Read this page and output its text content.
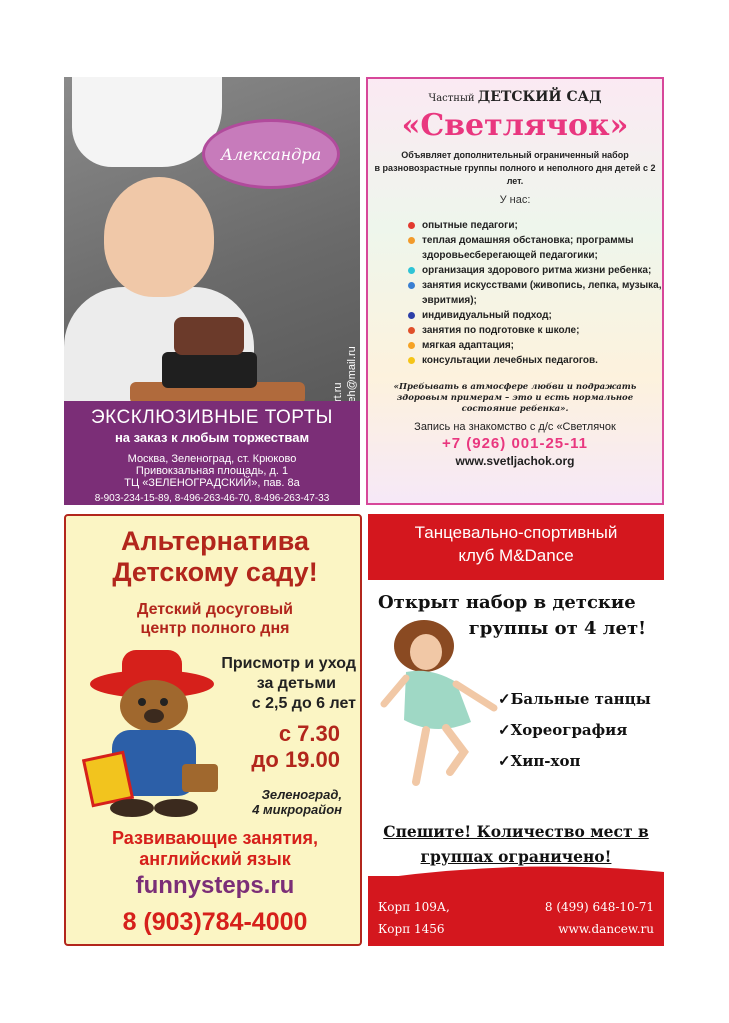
Александра
ЭКСКЛЮЗИВНЫЕ ТОРТЫ
на заказ к любым торжествам
Москва, Зеленоград, ст. Крюково
Привокзальная площадь, д. 1
ТЦ «ЗЕЛЕНОГРАДСКИЙ», пав. 8а
8-903-234-15-89, 8-496-263-46-70, 8-496-263-47-33
Частный ДЕТСКИЙ САД
«Светлячок»
Объявляет дополнительный ограниченный набор
в разновозрастные группы полного и неполного дня детей с 2 лет.
У нас:
опытные педагоги;
теплая домашняя обстановка; программы здоровьесберегающей педагогики;
организация здорового ритма жизни ребенка;
занятия искусствами (живопись, лепка, музыка, эвритмия);
индивидуальный подход;
занятия по подготовке к школе;
мягкая адаптация;
консультации лечебных педагогов.
«Пребывать в атмосфере любви и подражать здоровым примерам – это и есть нормальное состояние ребенка».
Запись на знакомство с д/с «Светлячок
+7 (926) 001-25-11
www.svetljachok.org
Альтернатива
Детскому саду!
Детский досуговый
центр полного дня
Присмотр и уход
за детьми
с 2,5 до 6 лет
с 7.30
до 19.00
Зеленоград,
4 микрорайон
Развивающие занятия,
английский язык
funnysteps.ru
8 (903)784-4000
Танцевально-спортивный
клуб M&Dance
Открыт набор в детские
группы от 4 лет!
✓Бальные танцы
✓Хореография
✓Хип-хоп
Спешите! Количество мест в
группах ограничено!
Корп 109А,
Корп 1456
8 (499) 648-10-71
www.dancew.ru
